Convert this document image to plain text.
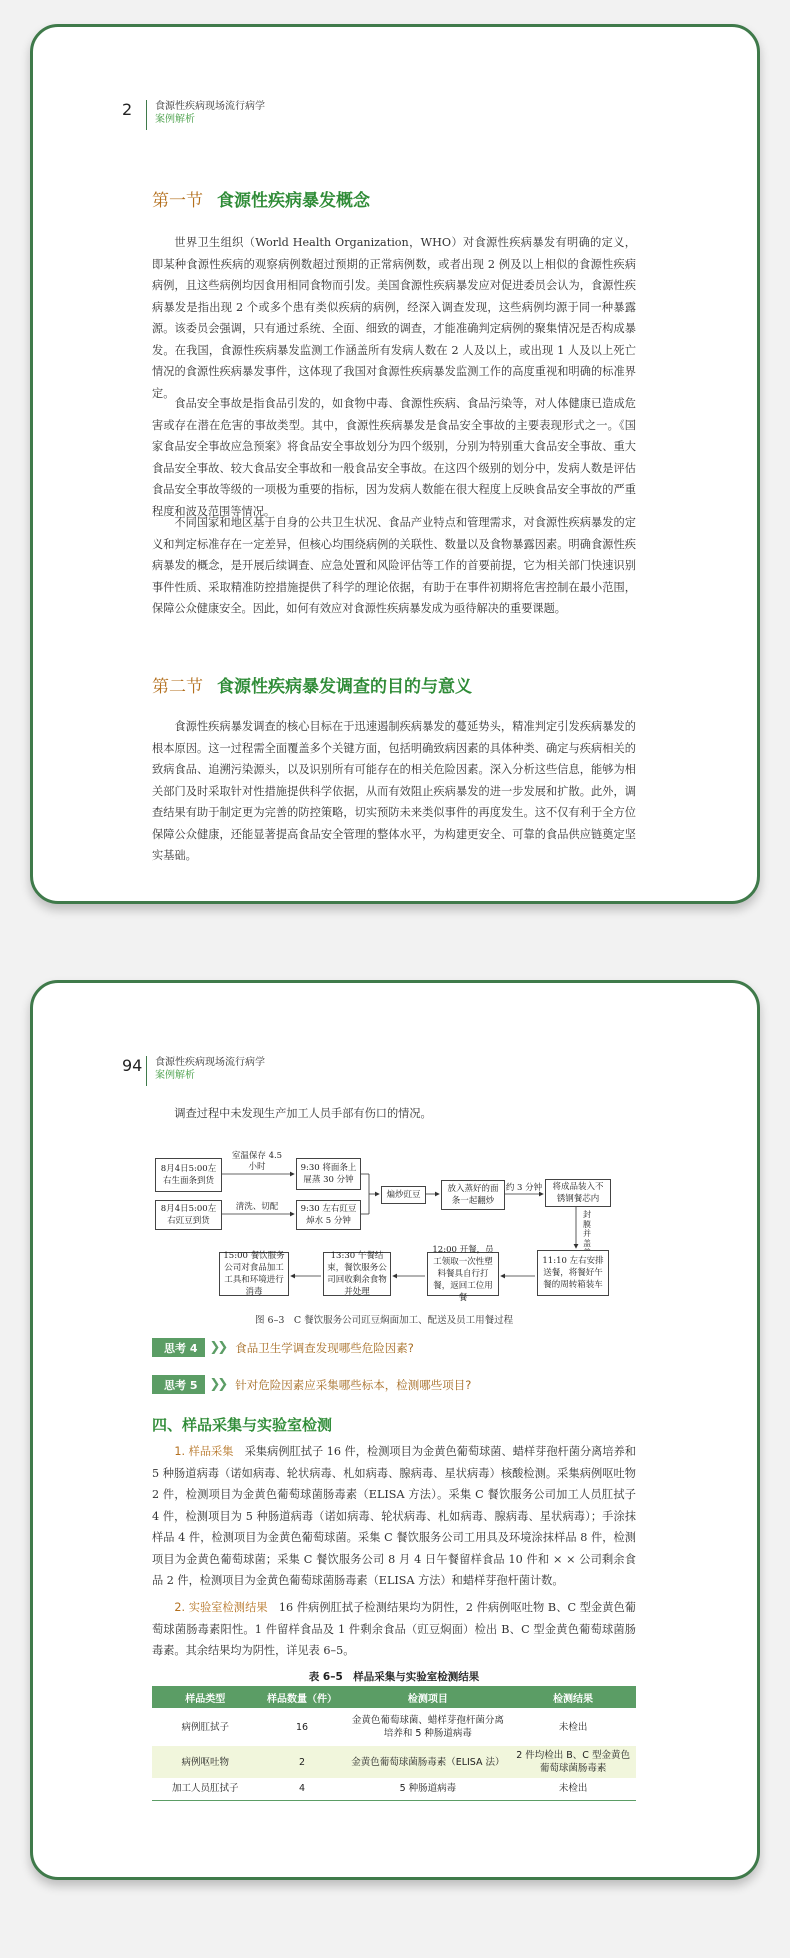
2	食源性疾病现场流行病学
案例解析
第一节 食源性疾病暴发概念

世界卫生组织（World Health Organization，WHO）对食源性疾病暴发有明确的定义，即某种食源性疾病的观察病例数超过预期的正常病例数，或者出现 2 例及以上相似的食源性疾病病例，且这些病例均因食用相同食物而引发。美国食源性疾病暴发应对促进委员会认为，食源性疾病暴发是指出现 2 个或多个患有类似疾病的病例，经深入调查发现，这些病例均源于同一种暴露源。该委员会强调，只有通过系统、全面、细致的调查，才能准确判定病例的聚集情况是否构成暴发。在我国，食源性疾病暴发监测工作涵盖所有发病人数在 2 人及以上，或出现 1 人及以上死亡情况的食源性疾病暴发事件，这体现了我国对食源性疾病暴发监测工作的高度重视和明确的标准界定。

食品安全事故是指食品引发的，如食物中毒、食源性疾病、食品污染等，对人体健康已造成危害或存在潜在危害的事故类型。其中，食源性疾病暴发是食品安全事故的主要表现形式之一。《国家食品安全事故应急预案》将食品安全事故划分为四个级别，分别为特别重大食品安全事故、重大食品安全事故、较大食品安全事故和一般食品安全事故。在这四个级别的划分中，发病人数是评估食品安全事故等级的一项极为重要的指标，因为发病人数能在很大程度上反映食品安全事故的严重程度和波及范围等情况。

不同国家和地区基于自身的公共卫生状况、食品产业特点和管理需求，对食源性疾病暴发的定义和判定标准存在一定差异，但核心均围绕病例的关联性、数量以及食物暴露因素。明确食源性疾病暴发的概念，是开展后续调查、应急处置和风险评估等工作的首要前提，它为相关部门快速识别事件性质、采取精准防控措施提供了科学的理论依据，有助于在事件初期将危害控制在最小范围，保障公众健康安全。因此，如何有效应对食源性疾病暴发成为亟待解决的重要课题。

第二节 食源性疾病暴发调查的目的与意义

食源性疾病暴发调查的核心目标在于迅速遏制疾病暴发的蔓延势头，精准判定引发疾病暴发的根本原因。这一过程需全面覆盖多个关键方面，包括明确致病因素的具体种类、确定与疾病相关的致病食品、追溯污染源头，以及识别所有可能存在的相关危险因素。深入分析这些信息，能够为相关部门及时采取针对性措施提供科学依据，从而有效阻止疾病暴发的进一步发展和扩散。此外，调查结果有助于制定更为完善的防控策略，切实预防未来类似事件的再度发生。这不仅有利于全方位保障公众健康，还能显著提高食品安全管理的整体水平，为构建更安全、可靠的食品供应链奠定坚实基础。

94 食源性疾病现场流行病学
案例解析

调查过程中未发现生产加工人员手部有伤口的情况。

8月4日5:00左右生面条到货
8月4日5:00左右豇豆到货
室温保存 4.5 小时
清洗、切配
9:30 将面条上屉蒸 30 分钟
9:30 左右豇豆焯水 5 分钟
煸炒豇豆
放入蒸好的面条一起翻炒
约 3 分钟	将成品装入不锈钢餐芯内
封膜并盖
11:10 左右安排送餐，将餐好午餐的周转箱装车
12:00 开餐，员工领取一次性塑料餐具自行打餐，返回工位用餐
13:30 午餐结束，餐饮服务公司回收剩余食物并处理
15:00 餐饮服务公司对食品加工工具和环境进行消毒
图 6–3　C 餐饮服务公司豇豆焖面加工、配送及员工用餐过程
思考 4 ❯❯ 食品卫生学调查发现哪些危险因素?
思考 5 ❯❯ 针对危险因素应采集哪些标本，检测哪些项目?
四、样品采集与实验室检测

1. 样品采集　 采集病例肛拭子 16 件，检测项目为金黄色葡萄球菌、蜡样芽孢杆菌分离培养和 5 种肠道病毒（诺如病毒、轮状病毒、札如病毒、腺病毒、星状病毒）核酸检测。采集病例呕吐物 2 件，检测项目为金黄色葡萄球菌肠毒素（ELISA 方法）。采集 C 餐饮服务公司加工人员肛拭子 4 件，检测项目为 5 种肠道病毒（诺如病毒、轮状病毒、札如病毒、腺病毒、星状病毒）；手涂抹样品 4 件，检测项目为金黄色葡萄球菌。采集 C 餐饮服务公司工用具及环境涂抹样品 8 件，检测项目为金黄色葡萄球菌；采集 C 餐饮服务公司 8 月 4 日午餐留样食品 10 件和 × × 公司剩余食品 2 件，检测项目为金黄色葡萄球菌肠毒素（ELISA 方法）和蜡样芽孢杆菌计数。

2. 实验室检测结果　 16 件病例肛拭子检测结果均为阴性，2 件病例呕吐物 B、C 型金黄色葡萄球菌肠毒素阳性。1 件留样食品及 1 件剩余食品（豇豆焖面）检出 B、C 型金黄色葡萄球菌肠毒素。其余结果均为阴性，详见表 6–5。

表 6–5　样品采集与实验室检测结果
样品类型	样品数量（件）	检测项目	检测结果
病例肛拭子	16	金黄色葡萄球菌、蜡样芽孢杆菌分离培养和 5 种肠道病毒	未检出
病例呕吐物	2	金黄色葡萄球菌肠毒素（ELISA 法）	2 件均检出 B、C 型金黄色葡萄球菌肠毒素
加工人员肛拭子	4	5 种肠道病毒	未检出
